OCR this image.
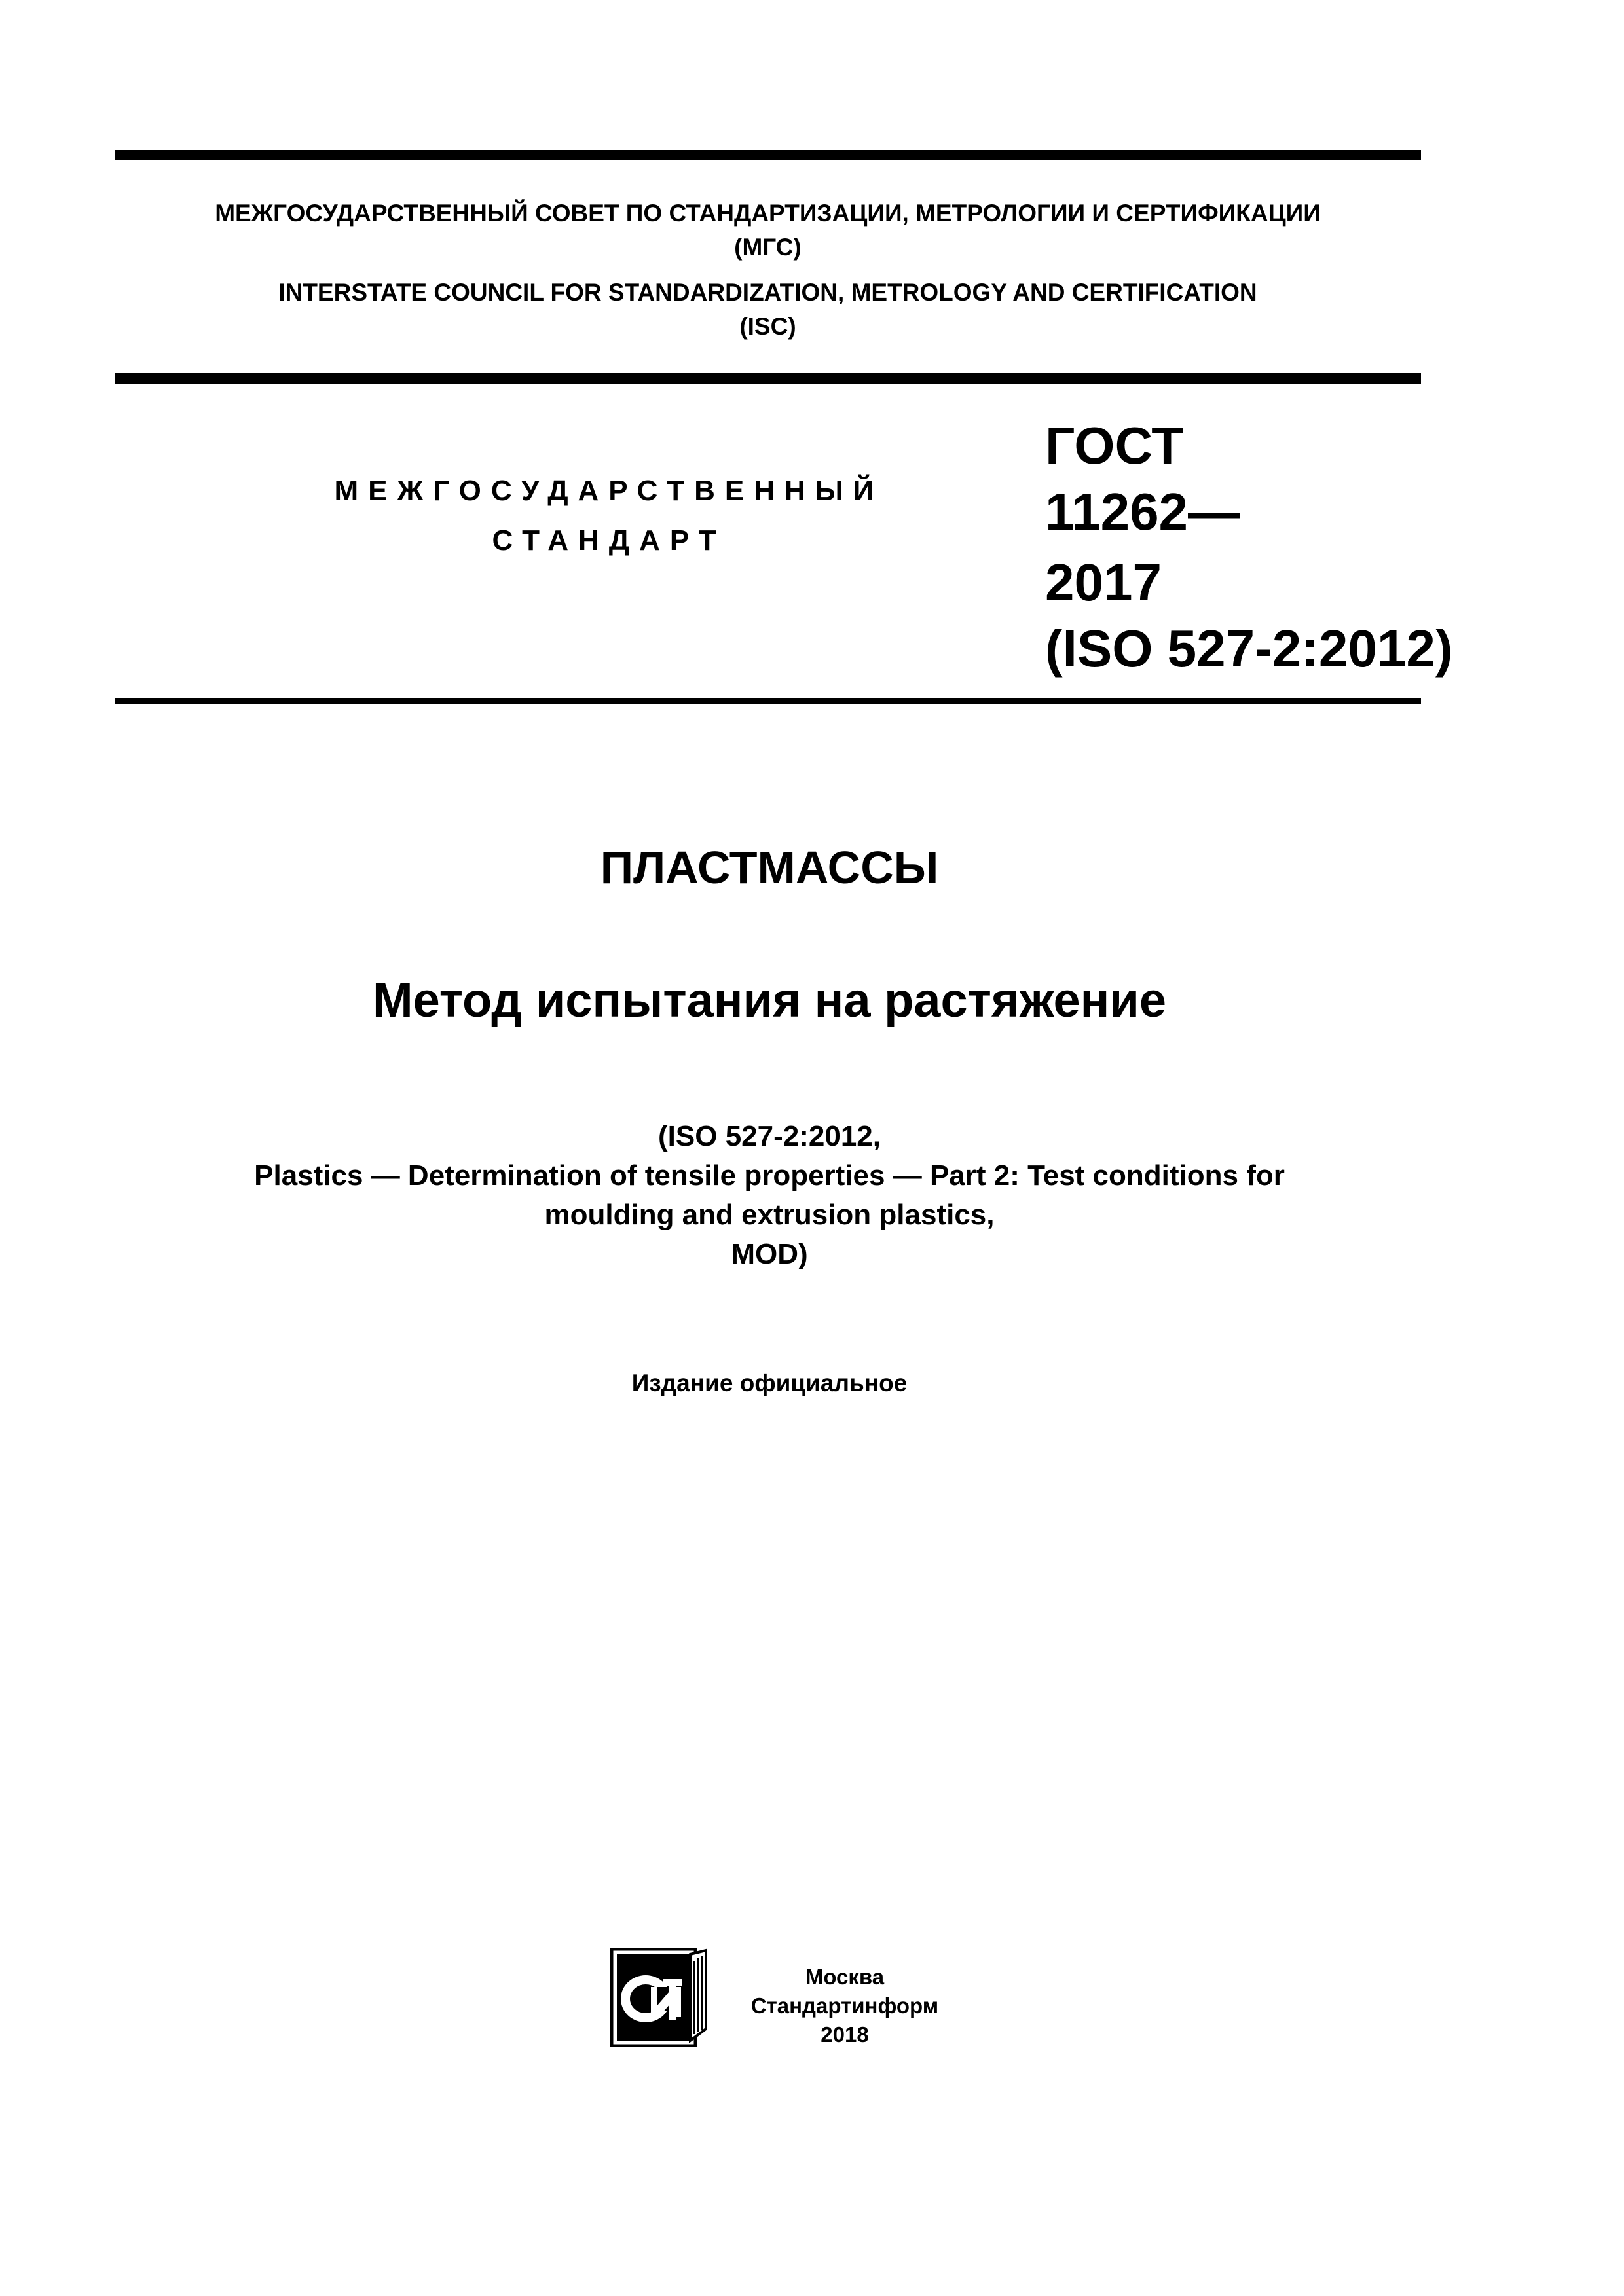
МЕЖГОСУДАРСТВЕННЫЙ СОВЕТ ПО СТАНДАРТИЗАЦИИ, МЕТРОЛОГИИ И СЕРТИФИКАЦИИ
(МГС)
INTERSTATE COUNCIL FOR STANDARDIZATION, METROLOGY AND CERTIFICATION
(ISC)
МЕЖГОСУДАРСТВЕННЫЙ
СТАНДАРТ
ГОСТ
11262—
2017
(ISO 527-2:2012)
ПЛАСТМАССЫ
Метод испытания на растяжение
(ISO 527-2:2012,
Plastics — Determination of tensile properties — Part 2: Test conditions for
moulding and extrusion plastics,
MOD)
Издание официальное
Москва
Стандартинформ
2018
